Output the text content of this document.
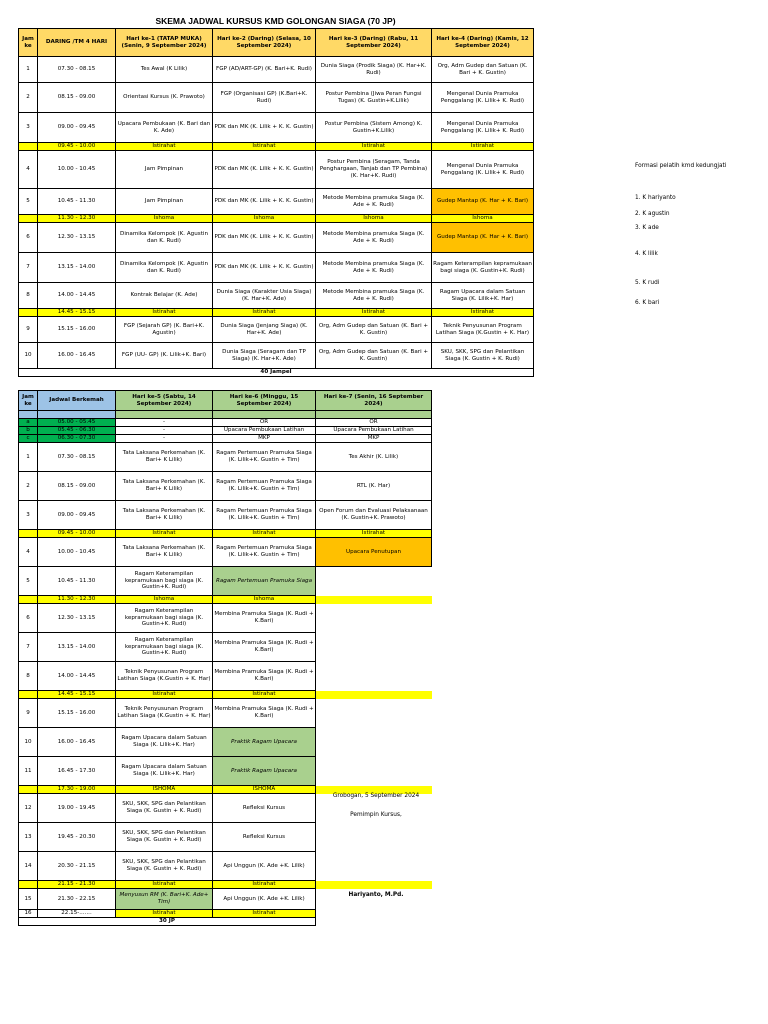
SKEMA JADWAL KURSUS KMD GOLONGAN SIAGA (70 JP)
Jam ke	DARING /TM 4 HARI	Hari ke-1 (TATAP MUKA) (Senin, 9 September 2024)	Hari ke-2 (Daring) (Selasa, 10 September 2024)	Hari ke-3 (Daring) (Rabu, 11 September 2024)	Hari ke-4 (Daring) (Kamis, 12 September 2024)
1	07.30 - 08.15	Tes Awal (K Lilik)	FGP (AD/ART-GP) (K. Bari+K. Rudi)	Dunia Siaga (Prodik Siaga) (K. Har+K. Rudi)	Org, Adm Gudep dan Satuan (K. Bari + K. Gustin)
2	08.15 - 09.00	Orientasi Kursus (K. Prawoto)	FGP (Organisasi GP) (K.Bari+K. Rudi)	Postur Pembina (Jiwa Peran Fungsi Tugas) (K. Gustin+K.Lilik)	Mengenal Dunia Pramuka Penggalang (K. Lilik+ K. Rudi)
3	09.00 - 09.45	Upacara Pembukaan (K. Bari dan K. Ade)	PDK dan MK (K. Lilik + K. K. Gustin)	Postur Pembina (Sistem Among) K. Gustin+K.Lilik)	Mengenal Dunia Pramuka Penggalang (K. Lilik+ K. Rudi)
	09.45 - 10.00	Istirahat	Istirahat	Istirahat	Istirahat
4	10.00 - 10.45	Jam Pimpinan	PDK dan MK (K. Lilik + K. K. Gustin)	Postur Pembina (Seragam, Tanda Penghargaan, Tanjab dan TP Pembina) (K. Har+K. Rudi)	Mengenal Dunia Pramuka Penggalang (K. Lilik+ K. Rudi)
5	10.45 - 11.30	Jam Pimpinan	PDK dan MK (K. Lilik + K. K. Gustin)	Metode Membina pramuka Siaga (K. Ade + K. Rudi)	Gudep Mantap (K. Har + K. Bari)
	11.30 - 12.30	Ishoma	Ishoma	Ishoma	Ishoma
6	12.30 - 13.15	Dinamika Kelompok (K. Agustin dan K. Rudi)	PDK dan MK (K. Lilik + K. K. Gustin)	Metode Membina pramuka Siaga (K. Ade + K. Rudi)	Gudep Mantap (K. Har + K. Bari)
7	13.15 - 14.00	Dinamika Kelompok (K. Agustin dan K. Rudi)	PDK dan MK (K. Lilik + K. K. Gustin)	Metode Membina pramuka Siaga (K. Ade + K. Rudi)	Ragam Keterampilan kepramukaan bagi siaga (K. Gustin+K. Rudi)
8	14.00 - 14.45	Kontrak Belajar (K. Ade)	Dunia Siaga (Karakter Usia Siaga) (K. Har+K. Ade)	Metode Membina pramuka Siaga (K. Ade + K. Rudi)	Ragam Upacara dalam Satuan Siaga (K. Lilik+K. Har)
	14.45 - 15.15	Istirahat	Istirahat	Istirahat	Istirahat
9	15.15 - 16.00	FGP (Sejarah GP) (K. Bari+K. Agustin)	Dunia Siaga (Jenjang Siaga) (K. Har+K. Ade)	Org, Adm Gudep dan Satuan (K. Bari + K. Gustin)	Teknik Penyusunan Program Latihan Siaga (K.Gustin + K. Har)
10	16.00 - 16.45	FGP (UU- GP) (K. Lilik+K. Bari)	Dunia Siaga (Seragam dan TP Siaga) (K. Har+K. Ade)	Org, Adm Gudep dan Satuan (K. Bari + K. Gustin)	SKU, SKK, SPG dan Pelantikan Siaga (K. Gustin + K. Rudi)
40 Jampel					
Formasi pelatih kmd kedungjati
1. K hariyanto
2. K agustin
3. K ade
4. K lilik
5. K rudi
6. K bari
Jam ke	Jadwal Berkemah	Hari ke-5 (Sabtu, 14 September 2024)	Hari ke-6 (Minggu, 15 September 2024)	Hari ke-7 (Senin, 16 September 2024)

a	05.00 - 05.45	-	OR	OR
b	05.45 - 06.30	-	Upacara Pembukaan Latihan	Upacara Pembukaan Latihan
c	06.30 - 07.30	-	MKP	MKP
1	07.30 - 08.15	Tata Laksana Perkemahan (K. Bari+ K Lilik)	Ragam Pertemuan Pramuka Siaga (K. Lilik+K. Gustin + Tim)	Tes Akhir (K. Lilik)
2	08.15 - 09.00	Tata Laksana Perkemahan (K. Bari+ K Lilik)	Ragam Pertemuan Pramuka Siaga (K. Lilik+K. Gustin + Tim)	RTL (K. Har)
3	09.00 - 09.45	Tata Laksana Perkemahan (K. Bari+ K Lilik)	Ragam Pertemuan Pramuka Siaga (K. Lilik+K. Gustin + Tim)	Open Forum dan Evaluasi Pelaksanaan (K. Gustin+K. Prawoto)
	09.45 - 10.00	Istirahat	Istirahat	Istirahat
4	10.00 - 10.45	Tata Laksana Perkemahan (K. Bari+ K Lilik)	Ragam Pertemuan Pramuka Siaga (K. Lilik+K. Gustin + Tim)	Upacara Penutupan
5	10.45 - 11.30	Ragam Keterampilan kepramukaan bagi siaga (K. Gustin+K. Rudi)	Ragam Pertemuan Pramuka Siaga	
	11.30 - 12.30	Ishoma	Ishoma	
6	12.30 - 13.15	Ragam Keterampilan kepramukaan bagi siaga (K. Gustin+K. Rudi)	Membina Pramuka Siaga (K. Rudi + K.Bari)	
7	13.15 - 14.00	Ragam Keterampilan kepramukaan bagi siaga (K. Gustin+K. Rudi)	Membina Pramuka Siaga (K. Rudi + K.Bari)	
8	14.00 - 14.45	Teknik Penyusunan Program Latihan Siaga (K.Gustin + K. Har)	Membina Pramuka Siaga (K. Rudi + K.Bari)	
	14.45 - 15.15	Istirahat	Istirahat	
9	15.15 - 16.00	Teknik Penyusunan Program Latihan Siaga (K.Gustin + K. Har)	Membina Pramuka Siaga (K. Rudi + K.Bari)	
10	16.00 - 16.45	Ragam Upacara dalam Satuan Siaga (K. Lilik+K. Har)	Praktik Ragam Upacara	
11	16.45 - 17.30	Ragam Upacara dalam Satuan Siaga (K. Lilik+K. Har)	Praktik Ragam Upacara	
	17.30 - 19.00	ISHOMA	ISHOMA	
12	19.00 - 19.45	SKU, SKK, SPG dan Pelantikan Siaga (K. Gustin + K. Rudi)	Refleksi Kursus	
13	19.45 - 20.30	SKU, SKK, SPG dan Pelantikan Siaga (K. Gustin + K. Rudi)	Refleksi Kursus	
14	20.30 - 21.15	SKU, SKK, SPG dan Pelantikan Siaga (K. Gustin + K. Rudi)	Api Unggun (K. Ade +K. Lilik)	
	21.15 - 21.30	Istirahat	Istirahat	
15	21.30 - 22.15	Menyusun RM (K. Bari+K. Ade+ Tim)	Api Unggun (K. Ade +K. Lilik)	
16	22.15-.......	Istirahat	Istirahat	
30 JP				
Grobogan, 5 September 2024
Pemimpin Kursus,
Hariyanto, M.Pd.
